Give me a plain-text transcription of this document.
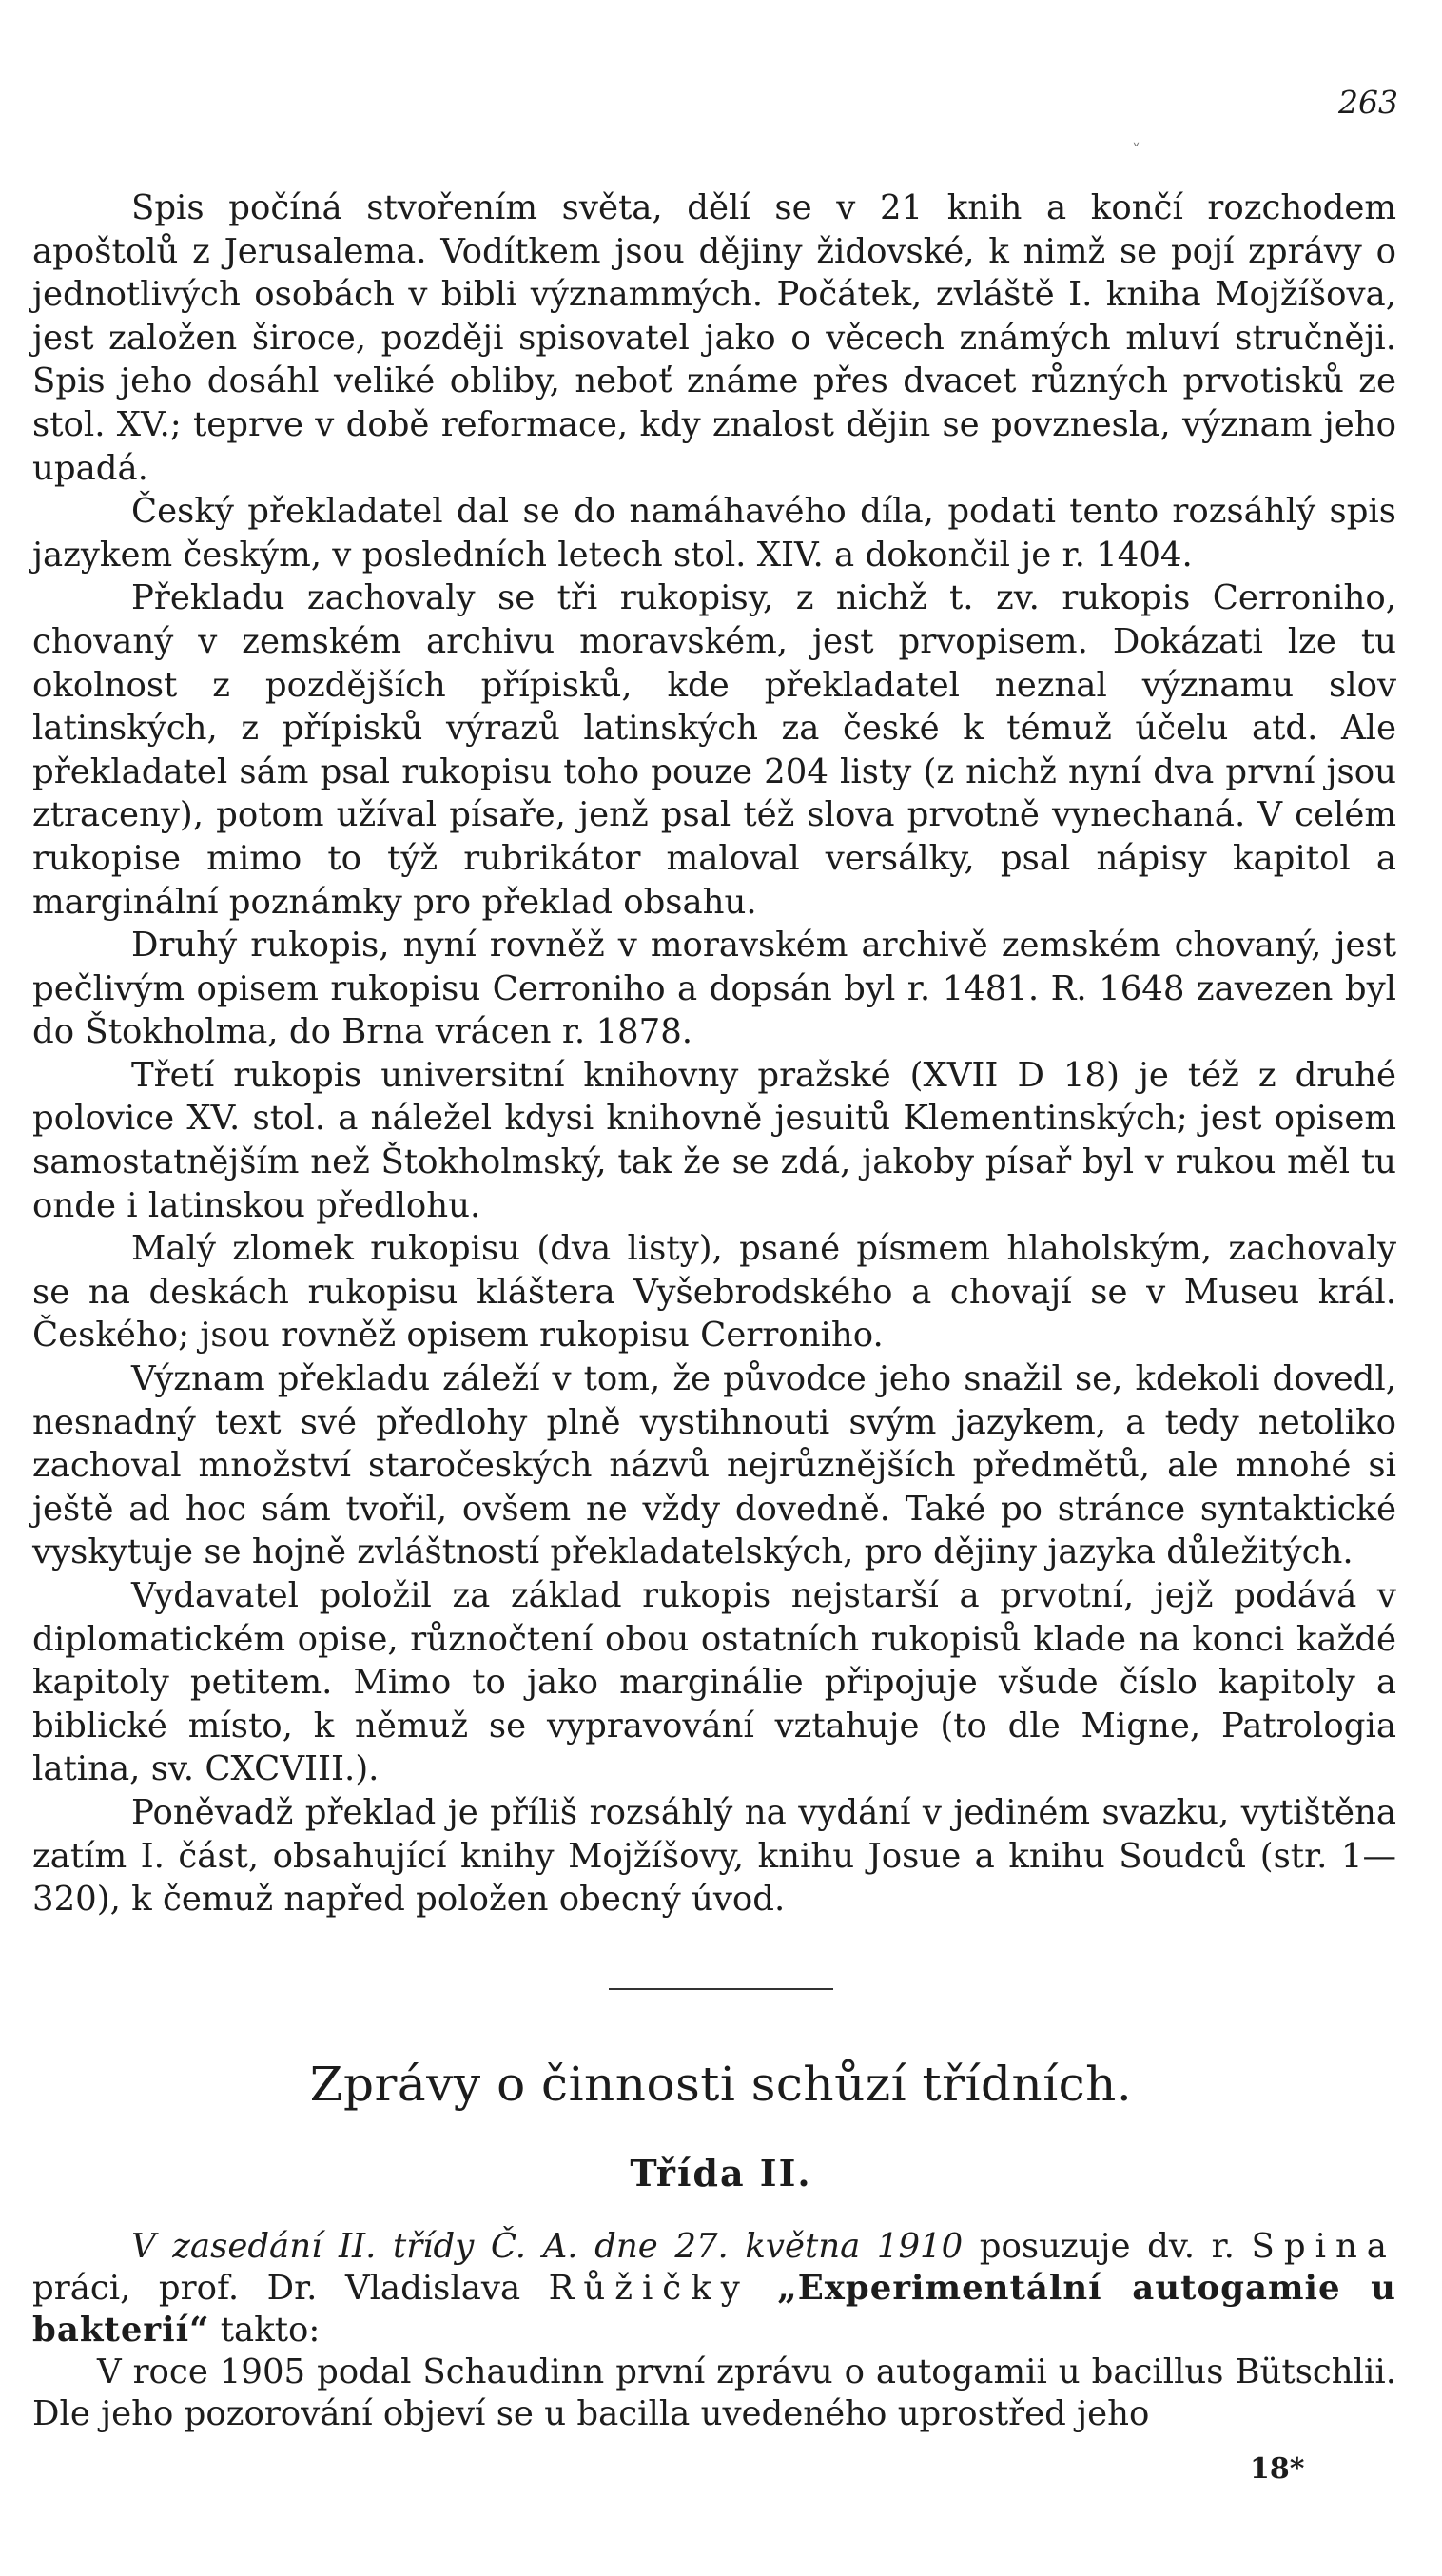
263
˅

Spis počíná stvořením světa, dělí se v 21 knih a končí rozchodem apoštolů z Jerusalema. Vodítkem jsou dějiny židovské, k nimž se pojí zprávy o jednotlivých osobách v bibli význammých. Počátek, zvláště I. kniha Mojžíšova, jest založen široce, později spisovatel jako o věcech známých mluví stručněji. Spis jeho dosáhl veliké obliby, neboť známe přes dvacet různých prvotisků ze stol. XV.; teprve v době reformace, kdy znalost dějin se povznesla, význam jeho upadá.

Český překladatel dal se do namáhavého díla, podati tento rozsáhlý spis jazykem českým, v posledních letech stol. XIV. a dokončil je r. 1404.

Překladu zachovaly se tři rukopisy, z nichž t. zv. rukopis Cerroniho, chovaný v zemském archivu moravském, jest prvopisem. Dokázati lze tu okolnost z pozdějších přípisků, kde překladatel neznal významu slov latinských, z přípisků výrazů latinských za české k témuž účelu atd. Ale překladatel sám psal rukopisu toho pouze 204 listy (z nichž nyní dva první jsou ztraceny), potom užíval písaře, jenž psal též slova prvotně vynechaná. V celém rukopise mimo to týž rubrikátor maloval versálky, psal nápisy kapitol a marginální poznámky pro překlad obsahu.

Druhý rukopis, nyní rovněž v moravském archivě zemském chovaný, jest pečlivým opisem rukopisu Cerroniho a dopsán byl r. 1481. R. 1648 zavezen byl do Štokholma, do Brna vrácen r. 1878.

Třetí rukopis universitní knihovny pražské (XVII D 18) je též z druhé polovice XV. stol. a náležel kdysi knihovně jesuitů Klementinských; jest opisem samostatnějším než Štokholmský, tak že se zdá, jakoby písař byl v rukou měl tu onde i latinskou předlohu.

Malý zlomek rukopisu (dva listy), psané písmem hlaholským, zachovaly se na deskách rukopisu kláštera Vyšebrodského a chovají se v Museu král. Českého; jsou rovněž opisem rukopisu Cerroniho.

Význam překladu záleží v tom, že původce jeho snažil se, kdekoli dovedl, nesnadný text své předlohy plně vystihnouti svým jazykem, a tedy netoliko zachoval množství staročeských názvů nejrůznějších předmětů, ale mnohé si ještě ad hoc sám tvořil, ovšem ne vždy dovedně. Také po stránce syntaktické vyskytuje se hojně zvláštností překladatelských, pro dějiny jazyka důležitých.

Vydavatel položil za základ rukopis nejstarší a prvotní, jejž podává v diplomatickém opise, různočtení obou ostatních rukopisů klade na konci každé kapitoly petitem. Mimo to jako marginálie připojuje všude číslo kapitoly a biblické místo, k němuž se vypravování vztahuje (to dle Migne, Patrologia latina, sv. CXCVIII.).

Poněvadž překlad je příliš rozsáhlý na vydání v jediném svazku, vytištěna zatím I. část, obsahující knihy Mojžíšovy, knihu Josue a knihu Soudců (str. 1—320), k čemuž napřed položen obecný úvod.

Zprávy o činnosti schůzí třídních.
Třída II.

V zasedání II. třídy Č. A. dne 27. května 1910 posuzuje dv. r. Spina práci, prof. Dr. Vladislava Růžičky „Experimentální autogamie u bakterií“ takto:

V roce 1905 podal Schaudinn první zprávu o autogamii u bacillus Bütschlii. Dle jeho pozorování objeví se u bacilla uvedeného uprostřed jeho

18*
